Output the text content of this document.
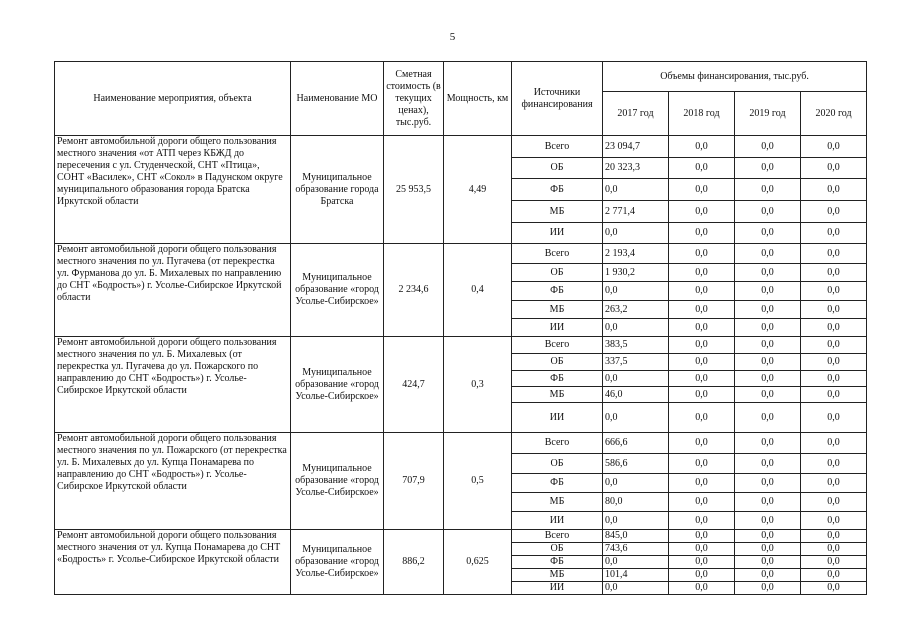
5
Наименование мероприятия, объекта	Наименование МО	Сметная стоимость (в текущих ценах), тыс.руб.	Мощность, км	Источники финансирования	Объемы финансирования, тыс.руб.			
					2017 год	2018 год	2019 год	2020 год
Ремонт автомобильной дороги общего пользования местного значения «от АТП через КБЖД до пересечения с ул. Студенческой, СНТ «Птица», СОНТ «Василек», СНТ «Сокол» в Падунском округе муниципального образования города Братска Иркутской области	Муниципальное образование города Братска	25 953,5	4,49	Всего	23 094,7	0,0	0,0	0,0
				ОБ	20 323,3	0,0	0,0	0,0
				ФБ	0,0	0,0	0,0	0,0
				МБ	2 771,4	0,0	0,0	0,0
				ИИ	0,0	0,0	0,0	0,0
Ремонт автомобильной дороги общего пользования местного значения по ул. Пугачева (от перекрестка ул. Фурманова до ул. Б. Михалевых по направлению до СНТ «Бодрость») г. Усолье-Сибирское Иркутской области	Муниципальное образование «город Усолье-Сибирское»	2 234,6	0,4	Всего	2 193,4	0,0	0,0	0,0
				ОБ	1 930,2	0,0	0,0	0,0
				ФБ	0,0	0,0	0,0	0,0
				МБ	263,2	0,0	0,0	0,0
				ИИ	0,0	0,0	0,0	0,0
Ремонт автомобильной дороги общего пользования местного значения по ул. Б. Михалевых (от перекрестка ул. Пугачева до ул. Пожарского по направлению до СНТ «Бодрость») г. Усолье-Сибирское Иркутской области	Муниципальное образование «город Усолье-Сибирское»	424,7	0,3	Всего	383,5	0,0	0,0	0,0
				ОБ	337,5	0,0	0,0	0,0
				ФБ	0,0	0,0	0,0	0,0
				МБ	46,0	0,0	0,0	0,0
				ИИ	0,0	0,0	0,0	0,0
Ремонт автомобильной дороги общего пользования местного значения по ул. Пожарского (от перекрестка ул. Б. Михалевых до ул. Купца Понамарева по направлению до СНТ «Бодрость») г. Усолье-Сибирское Иркутской области	Муниципальное образование «город Усолье-Сибирское»	707,9	0,5	Всего	666,6	0,0	0,0	0,0
				ОБ	586,6	0,0	0,0	0,0
				ФБ	0,0	0,0	0,0	0,0
				МБ	80,0	0,0	0,0	0,0
				ИИ	0,0	0,0	0,0	0,0
Ремонт автомобильной дороги общего пользования местного значения от ул. Купца Понамарева до СНТ «Бодрость» г. Усолье-Сибирское Иркутской области	Муниципальное образование «город Усолье-Сибирское»	886,2	0,625	Всего	845,0	0,0	0,0	0,0
				ОБ	743,6	0,0	0,0	0,0
				ФБ	0,0	0,0	0,0	0,0
				МБ	101,4	0,0	0,0	0,0
				ИИ	0,0	0,0	0,0	0,0
